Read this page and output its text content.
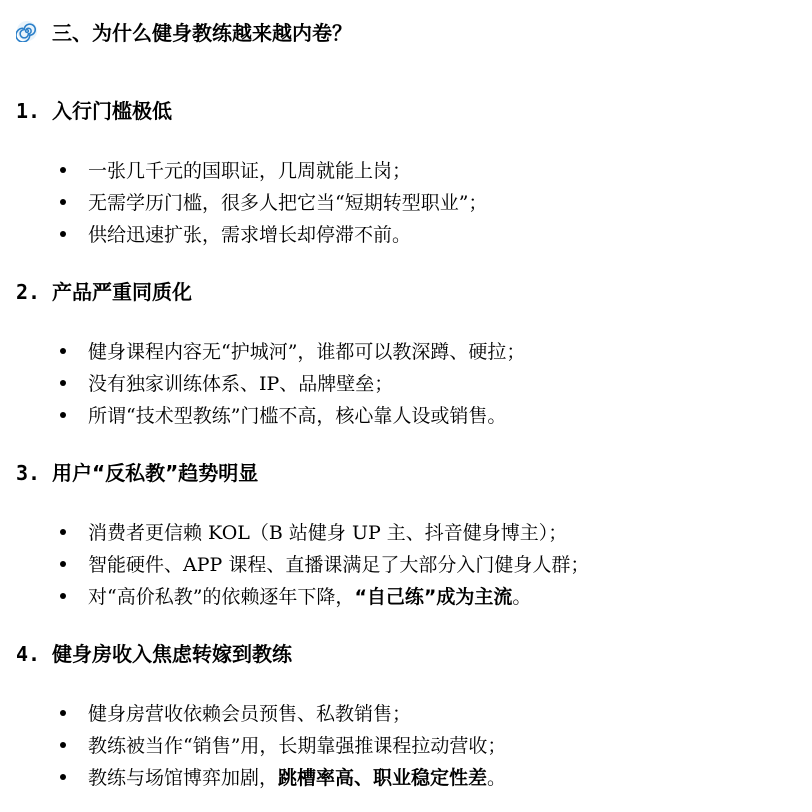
三、为什么健身教练越来越内卷？
1. 入行门槛极低
一张几千元的国职证，几周就能上岗；
无需学历门槛，很多人把它当“短期转型职业”；
供给迅速扩张，需求增长却停滞不前。
2. 产品严重同质化
健身课程内容无“护城河”，谁都可以教深蹲、硬拉；
没有独家训练体系、IP、品牌壁垒；
所谓“技术型教练”门槛不高，核心靠人设或销售。
3. 用户“反私教”趋势明显
消费者更信赖 KOL（B 站健身 UP 主、抖音健身博主）；
智能硬件、APP 课程、直播课满足了大部分入门健身人群；
对“高价私教”的依赖逐年下降，“自己练”成为主流。
4. 健身房收入焦虑转嫁到教练
健身房营收依赖会员预售、私教销售；
教练被当作“销售”用，长期靠强推课程拉动营收；
教练与场馆博弈加剧，跳槽率高、职业稳定性差。
